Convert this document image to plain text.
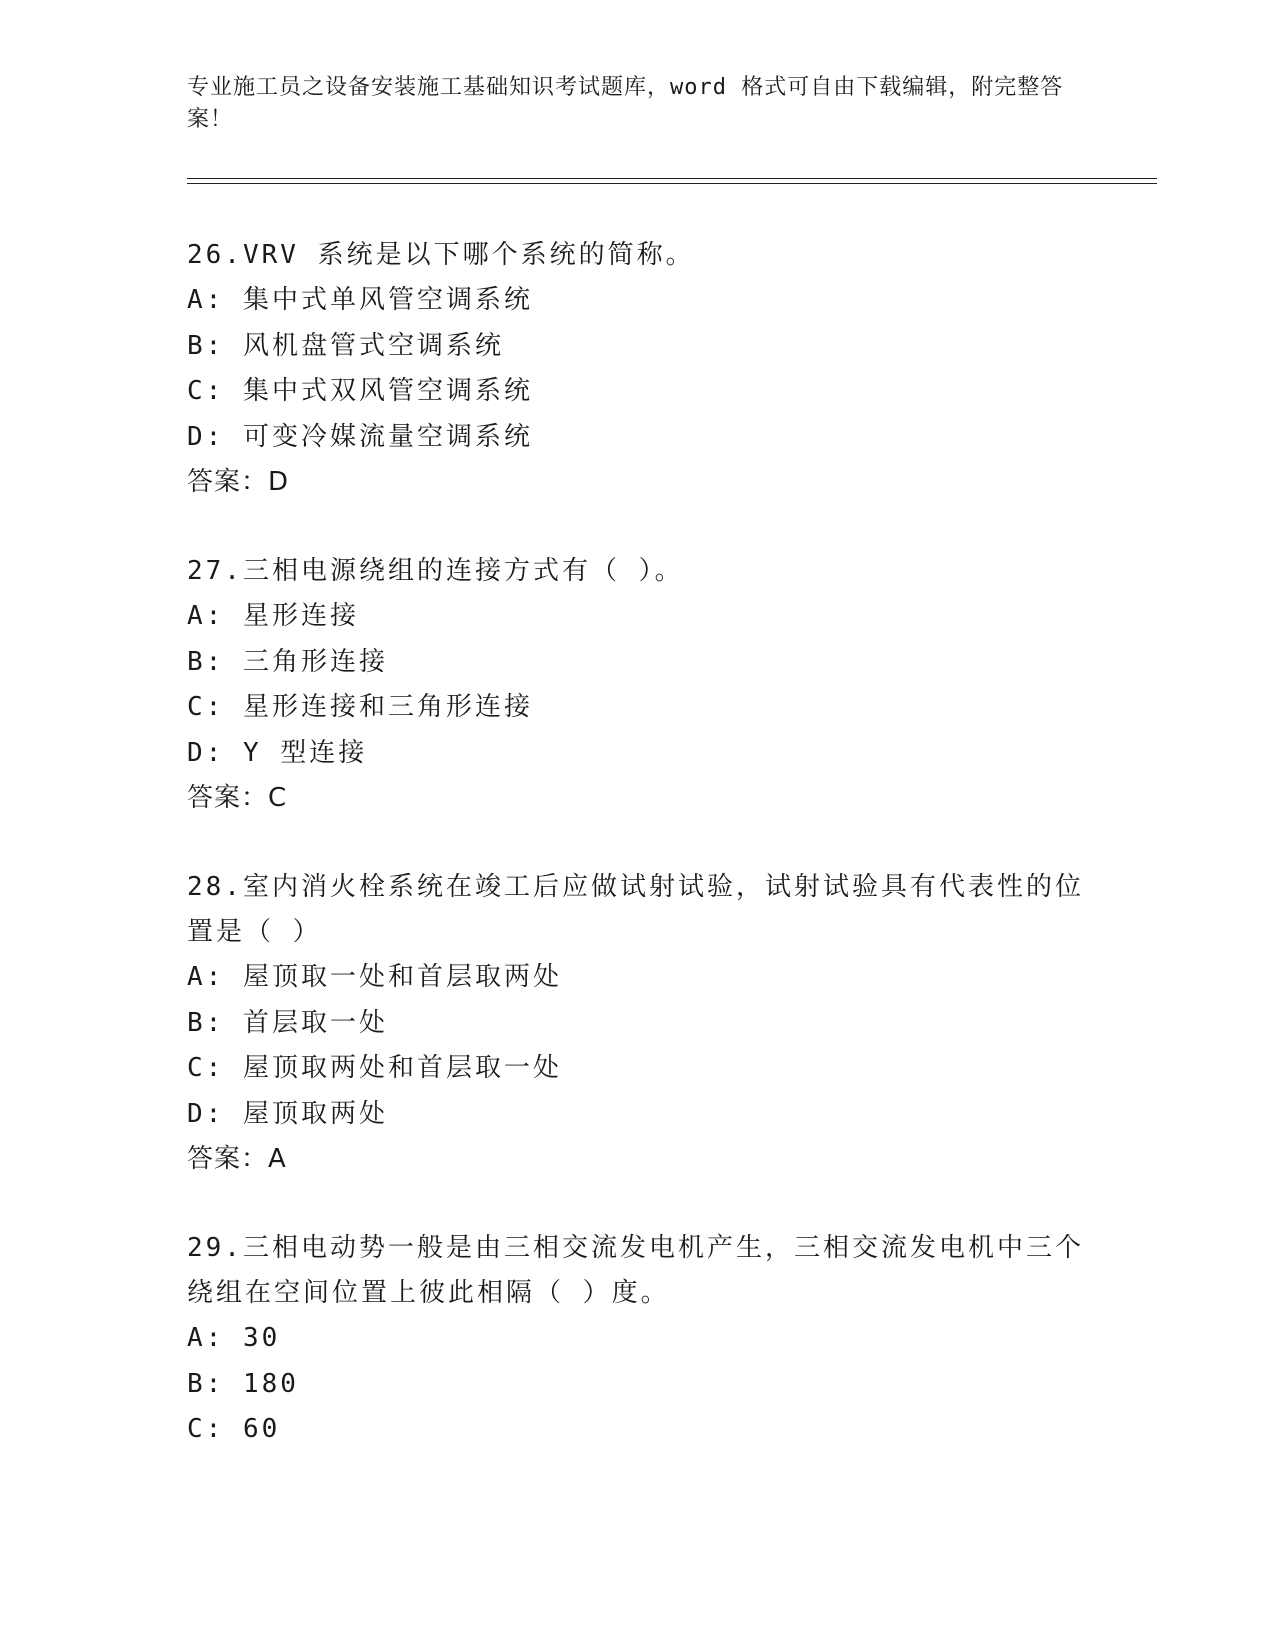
专业施工员之设备安装施工基础知识考试题库，word 格式可自由下载编辑，附完整答案！

26.VRV 系统是以下哪个系统的简称。

A: 集中式单风管空调系统
B: 风机盘管式空调系统
C: 集中式双风管空调系统
D: 可变冷媒流量空调系统
答案：D

27.三相电源绕组的连接方式有（ ）。

A: 星形连接
B: 三角形连接
C: 星形连接和三角形连接
D: Y 型连接
答案：C

28.室内消火栓系统在竣工后应做试射试验，试射试验具有代表性的位置是（ ）

A: 屋顶取一处和首层取两处
B: 首层取一处
C: 屋顶取两处和首层取一处
D: 屋顶取两处
答案：A

29.三相电动势一般是由三相交流发电机产生，三相交流发电机中三个绕组在空间位置上彼此相隔（ ）度。

A: 30
B: 180
C: 60
